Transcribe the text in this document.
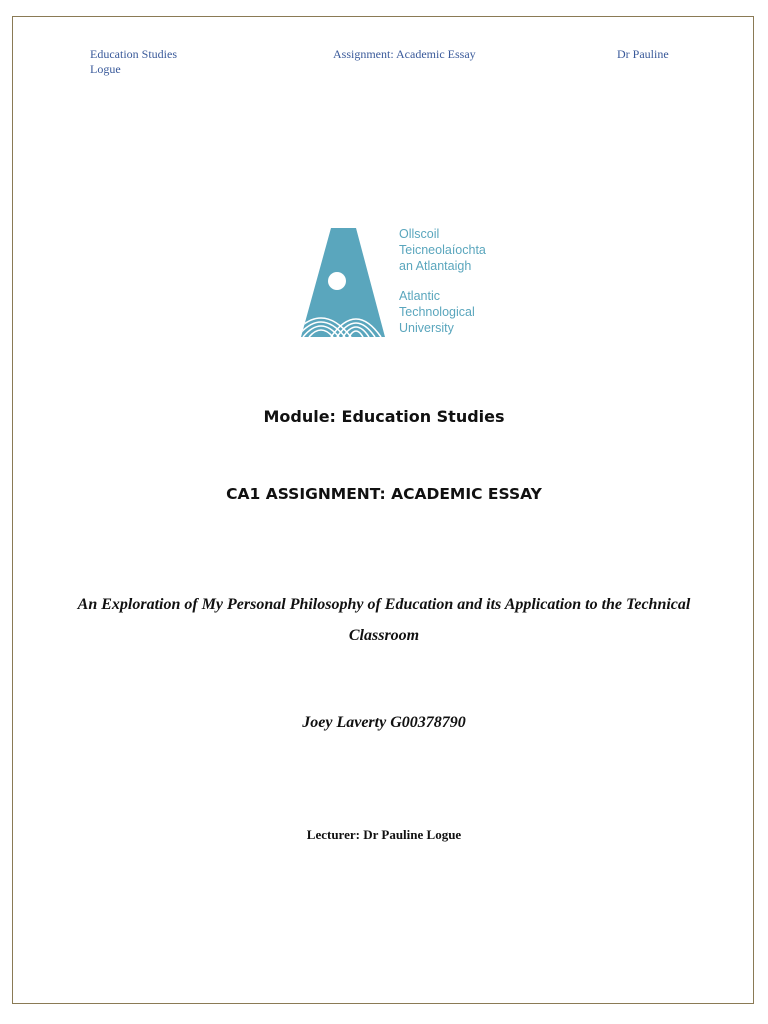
Education Studies	Assignment: Academic Essay	Dr Pauline
Logue
Ollscoil
Teicneolaíochta
an Atlantaigh
Atlantic
Technological
University
Module: Education Studies
CA1 ASSIGNMENT: ACADEMIC ESSAY
An Exploration of My Personal Philosophy of Education and its Application to the Technical Classroom
Joey Laverty G00378790
Lecturer: Dr Pauline Logue
